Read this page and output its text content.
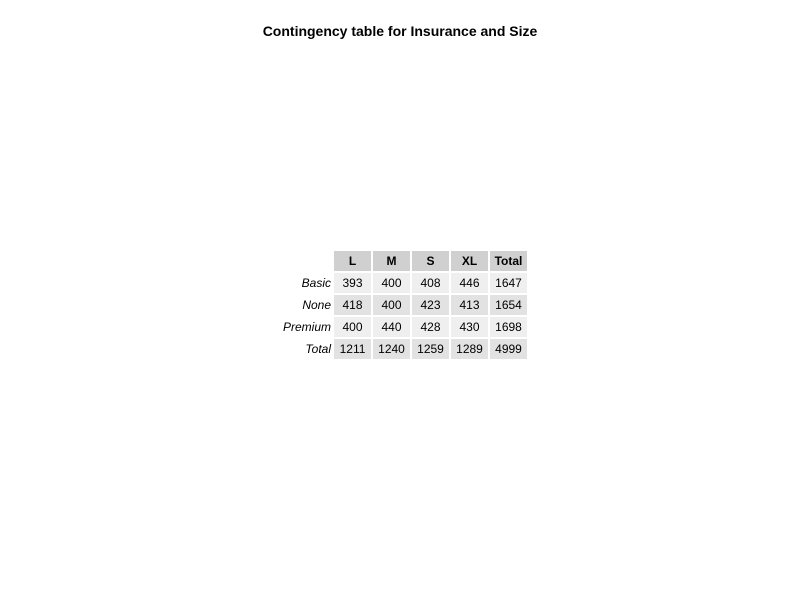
Contingency table for Insurance and Size
	L	M	S	XL	Total
Basic	393	400	408	446	1647
None	418	400	423	413	1654
Premium	400	440	428	430	1698
Total	1211	1240	1259	1289	4999
